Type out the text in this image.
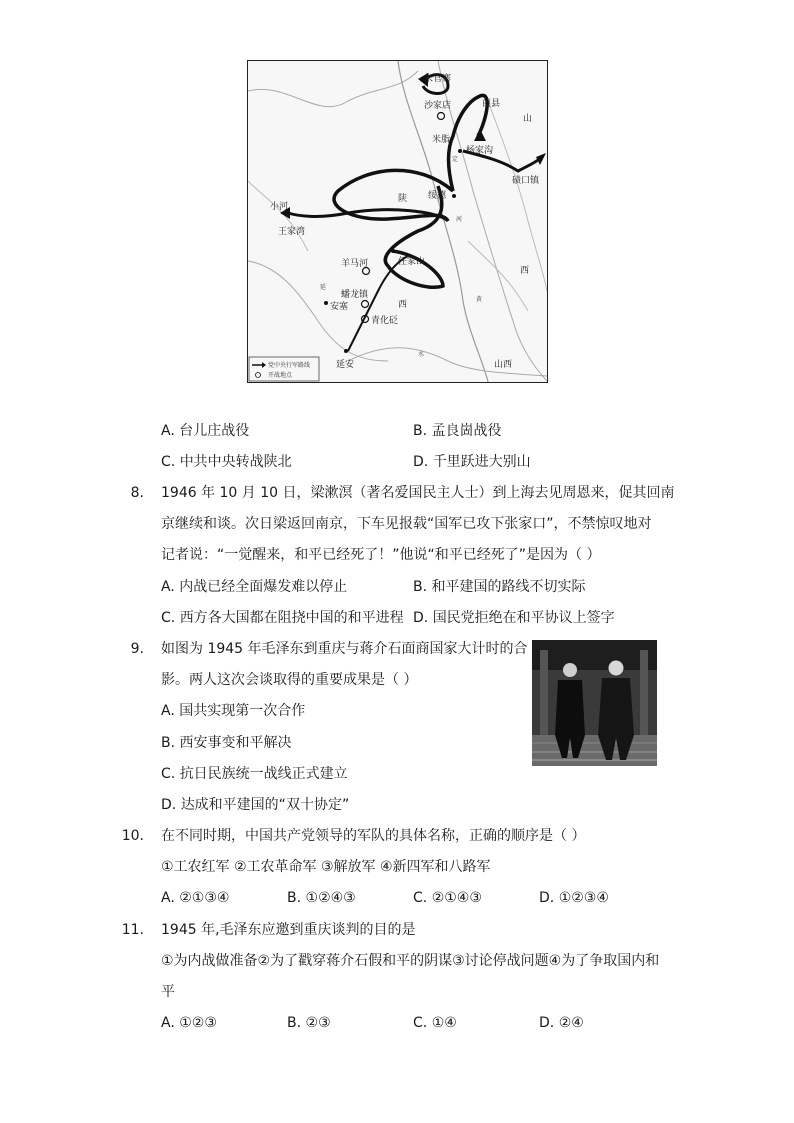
朱官寨
沙家店	葭县
山
米脂
杨家沟
碛口镇
定
陕 绥德
河
小河
王家湾
任家山
羊马河
西
蟠龙镇
西
安塞
延
青化砭
黄
水
延安	山西
党中央行军路线
开战地点
A. 台儿庄战役	B. 孟良崮战役
C. 中共中央转战陕北	D. 千里跃进大别山
8. 1946 年 10 月 10 日，梁漱溟（著名爱国民主人士）到上海去见周恩来，促其回南
京继续和谈。次日梁返回南京，下车见报载“国军已攻下张家口”，不禁惊叹地对
记者说：“一觉醒来，和平已经死了！”他说“和平已经死了”是因为（ ）
A. 内战已经全面爆发难以停止	B. 和平建国的路线不切实际
C. 西方各大国都在阻挠中国的和平进程 D. 国民党拒绝在和平协议上签字
9. 如图为 1945 年毛泽东到重庆与蒋介石面商国家大计时的合
影。两人这次会谈取得的重要成果是（ ）
A. 国共实现第一次合作
B. 西安事变和平解决
C. 抗日民族统一战线正式建立
D. 达成和平建国的“双十协定”
10. 在不同时期，中国共产党领导的军队的具体名称，正确的顺序是（ ）
①工农红军 ②工农革命军 ③解放军 ④新四军和八路军
A. ②①③④	B. ①②④③	C. ②①④③	D. ①②③④
11. 1945 年,毛泽东应邀到重庆谈判的目的是
①为内战做准备②为了戳穿蒋介石假和平的阴谋③讨论停战问题④为了争取国内和
平
A. ①②③	B. ②③	C. ①④	D. ②④
